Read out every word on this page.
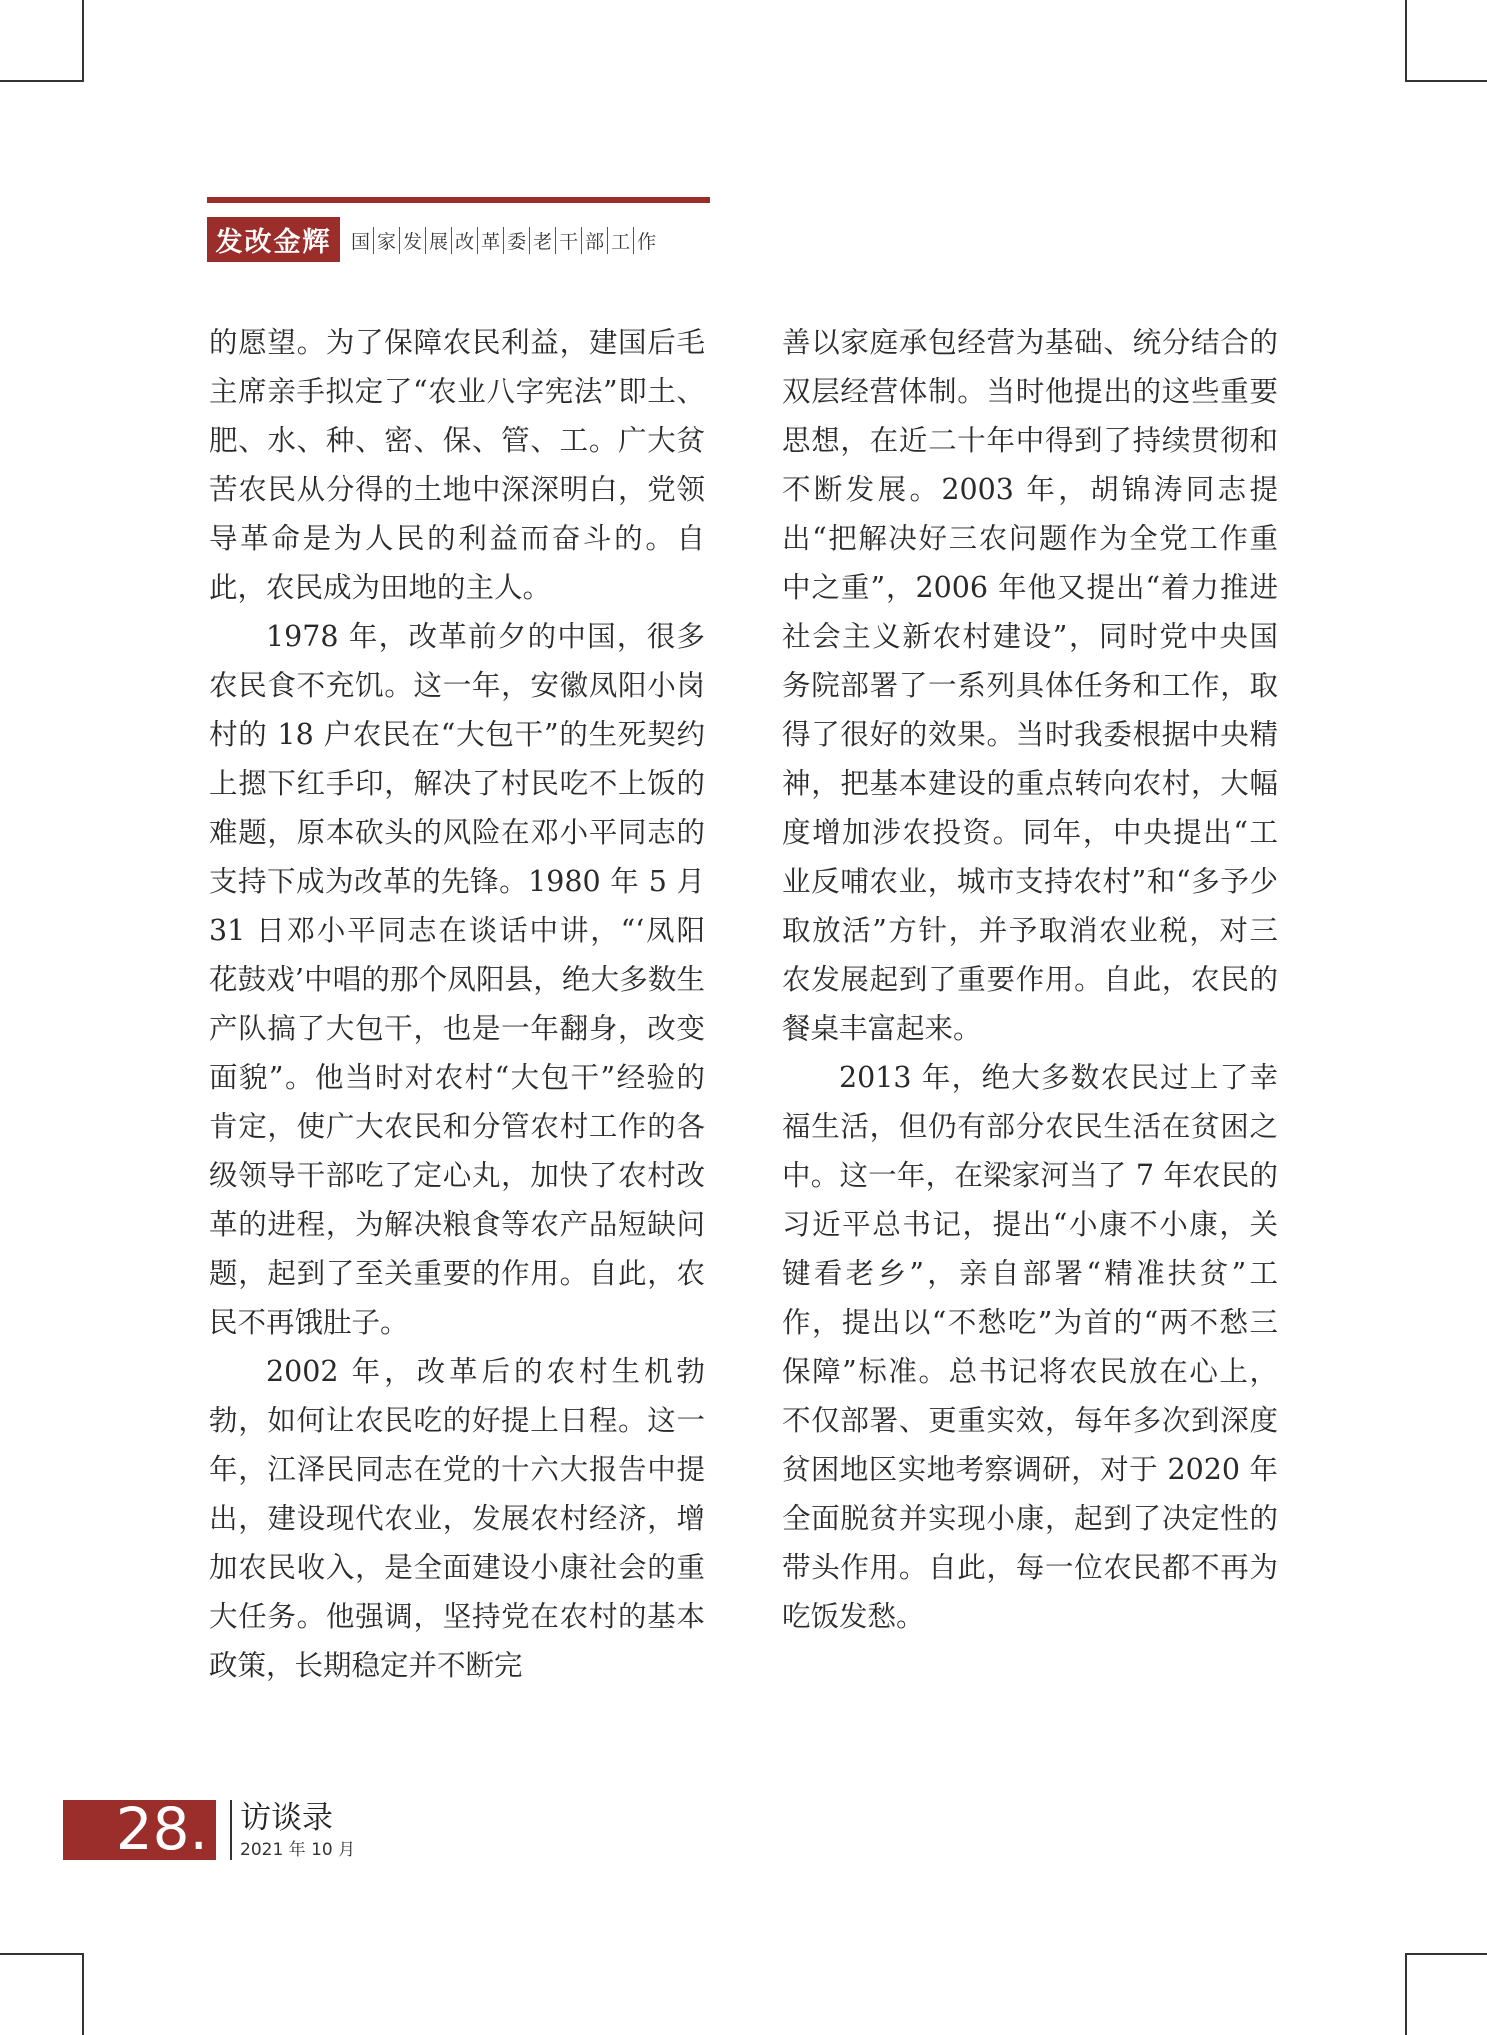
发改金辉	国 家 发 展 改 革 委 老 干 部 工 作

的愿望。为了保障农民利益，建国后毛主席亲手拟定了“农业八字宪法”即土、肥、水、种、密、保、管、工。广大贫苦农民从分得的土地中深深明白，党领导革命是为人民的利益而奋斗的。自此，农民成为田地的主人。

1978 年，改革前夕的中国，很多农民食不充饥。这一年，安徽凤阳小岗村的 18 户农民在“大包干”的生死契约上摁下红手印，解决了村民吃不上饭的难题，原本砍头的风险在邓小平同志的支持下成为改革的先锋。1980 年 5 月 31 日邓小平同志在谈话中讲，“‘凤阳花鼓戏’中唱的那个凤阳县，绝大多数生产队搞了大包干，也是一年翻身，改变面貌”。他当时对农村“大包干”经验的肯定，使广大农民和分管农村工作的各级领导干部吃了定心丸，加快了农村改革的进程，为解决粮食等农产品短缺问题，起到了至关重要的作用。自此，农民不再饿肚子。

2002 年，改革后的农村生机勃勃，如何让农民吃的好提上日程。这一年，江泽民同志在党的十六大报告中提出，建设现代农业，发展农村经济，增加农民收入，是全面建设小康社会的重大任务。他强调，坚持党在农村的基本政策，长期稳定并不断完

善以家庭承包经营为基础、统分结合的双层经营体制。当时他提出的这些重要思想，在近二十年中得到了持续贯彻和不断发展。2003 年，胡锦涛同志提出“把解决好三农问题作为全党工作重中之重”，2006 年他又提出“着力推进社会主义新农村建设”，同时党中央国务院部署了一系列具体任务和工作，取得了很好的效果。当时我委根据中央精神，把基本建设的重点转向农村，大幅度增加涉农投资。同年，中央提出“工业反哺农业，城市支持农村”和“多予少取放活”方针，并予取消农业税，对三农发展起到了重要作用。自此，农民的餐桌丰富起来。

2013 年，绝大多数农民过上了幸福生活，但仍有部分农民生活在贫困之中。这一年，在梁家河当了 7 年农民的习近平总书记，提出“小康不小康，关键看老乡”，亲自部署“精准扶贫”工作，提出以“不愁吃”为首的“两不愁三保障”标准。总书记将农民放在心上，不仅部署、更重实效，每年多次到深度贫困地区实地考察调研，对于 2020 年全面脱贫并实现小康，起到了决定性的带头作用。自此，每一位农民都不再为吃饭发愁。

28. 访谈录
2021 年 10 月
